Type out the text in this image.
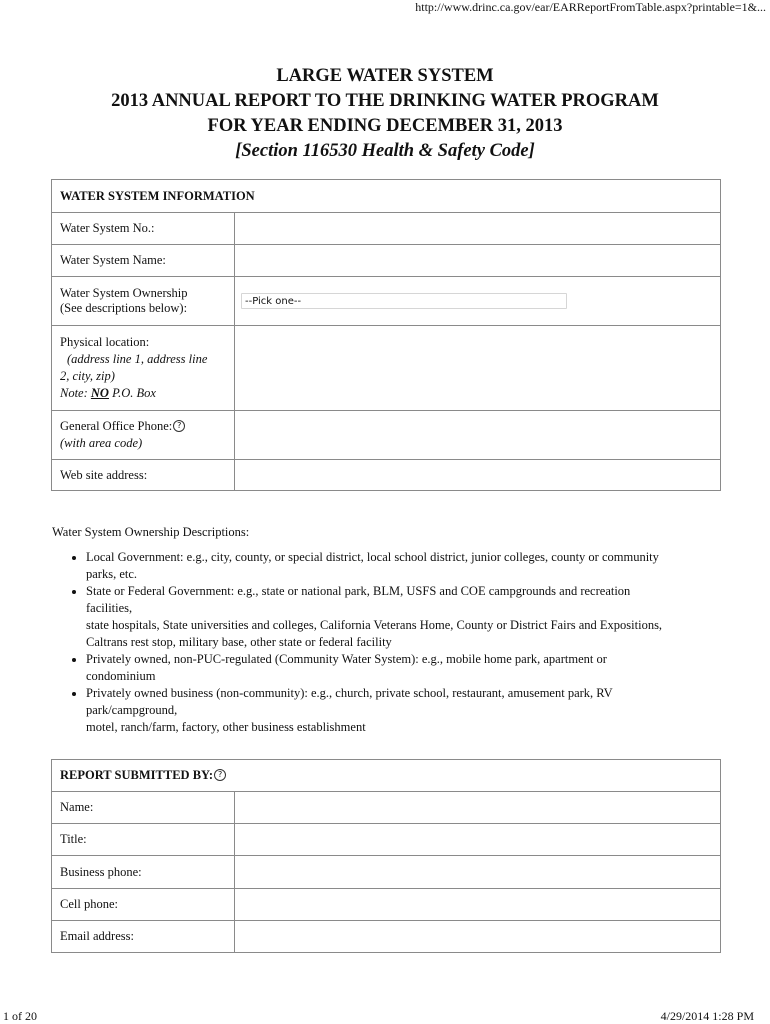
http://www.drinc.ca.gov/ear/EARReportFromTable.aspx?printable=1&...
LARGE WATER SYSTEM
2013 ANNUAL REPORT TO THE DRINKING WATER PROGRAM
FOR YEAR ENDING DECEMBER 31, 2013
[Section 116530 Health & Safety Code]
WATER SYSTEM INFORMATION	
Water System No.:	
Water System Name:	

Water System Ownership
(See descriptions below):	--Pick one--

Physical location:
(address line 1, address line
2, city, zip)
Note: NO P.O. Box	

General Office Phone: ?
(with area code)	

Web site address:	
Water System Ownership Descriptions:
• Local Government: e.g., city, county, or special district, local school district, junior colleges, county or community
parks, etc.
• State or Federal Government: e.g., state or national park, BLM, USFS and COE campgrounds and recreation
facilities,
state hospitals, State universities and colleges, California Veterans Home, County or District Fairs and Expositions,
Caltrans rest stop, military base, other state or federal facility
• Privately owned, non-PUC-regulated (Community Water System): e.g., mobile home park, apartment or
condominium
• Privately owned business (non-community): e.g., church, private school, restaurant, amusement park, RV
park/campground,
motel, ranch/farm, factory, other business establishment
REPORT SUBMITTED BY: ?	
Name:	
Title:	
Business phone:	
Cell phone:	
Email address:	
1 of 20	4/29/2014 1:28 PM
